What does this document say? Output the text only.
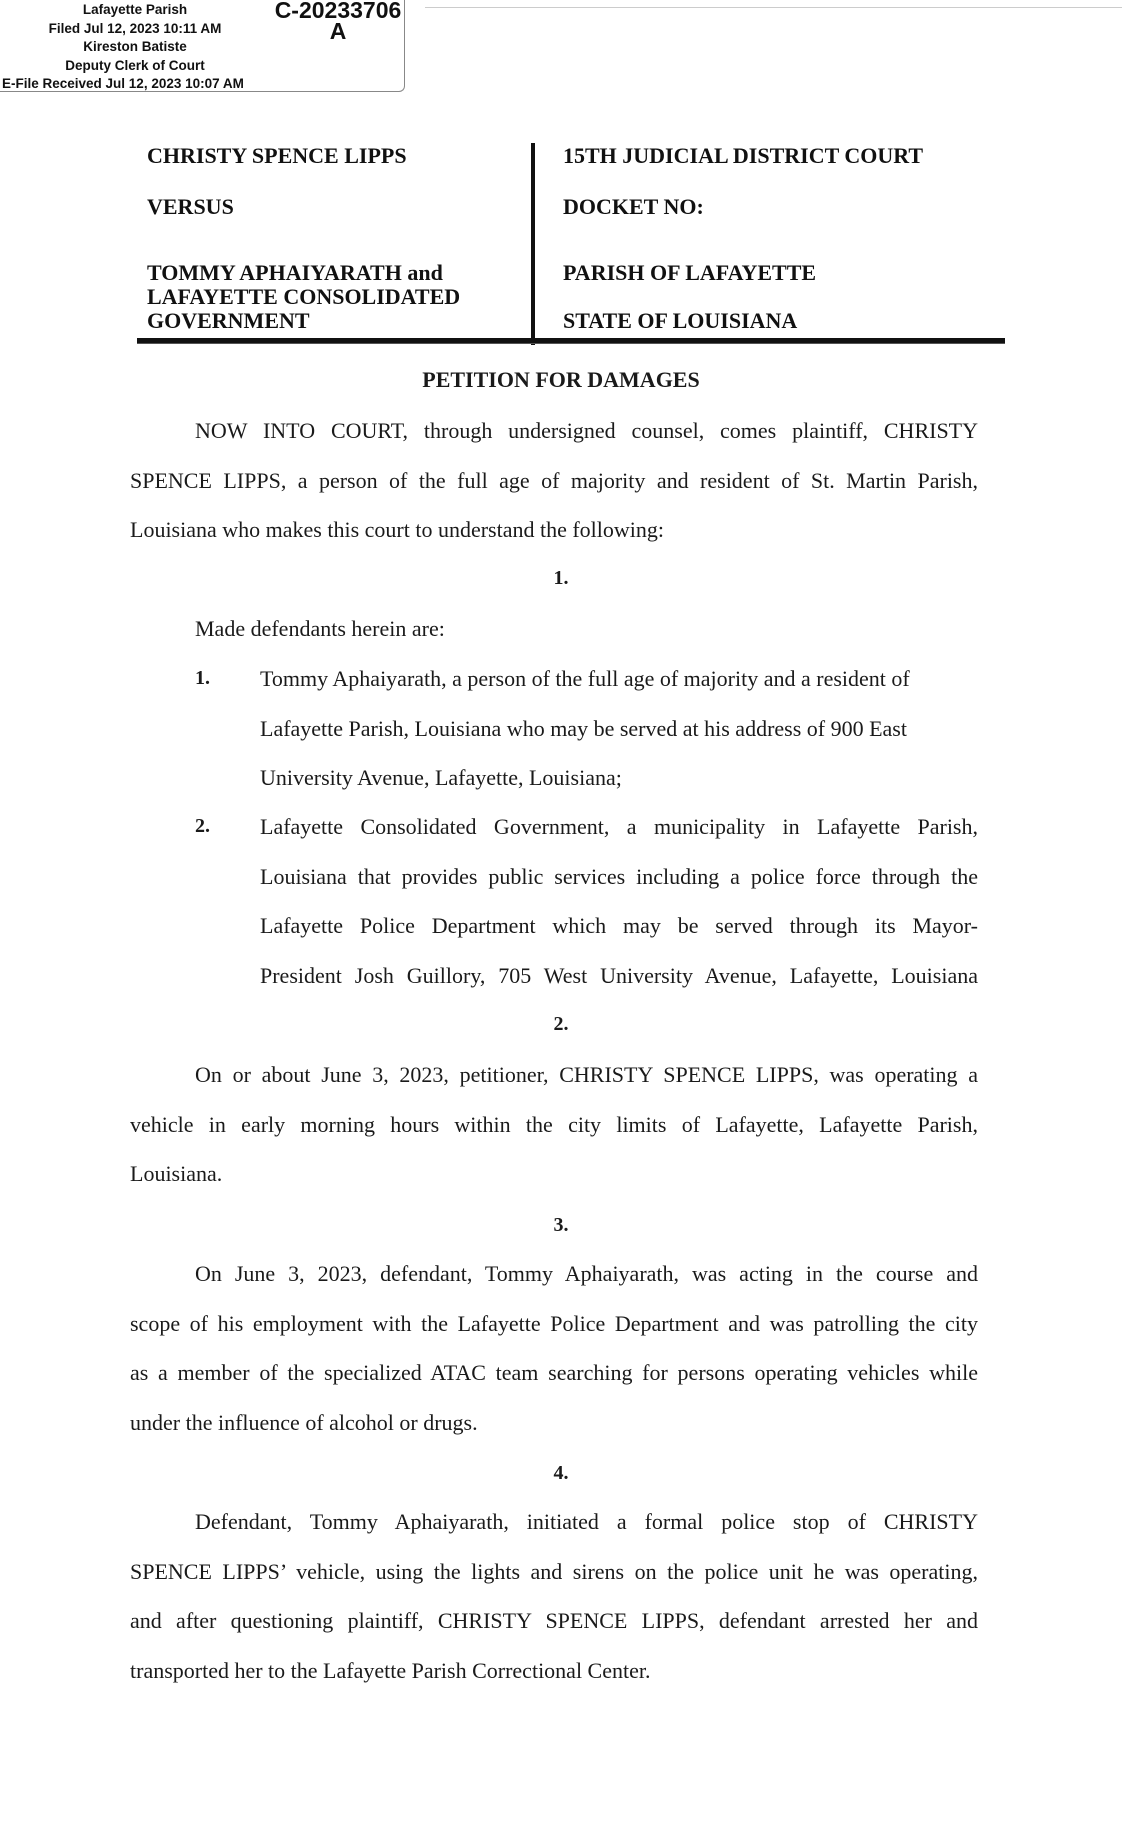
Lafayette Parish
Filed Jul 12, 2023 10:11 AM
Kireston Batiste
Deputy Clerk of Court
E-File Received Jul 12, 2023 10:07 AM
C-20233706
A
CHRISTY SPENCE LIPPS
VERSUS
TOMMY APHAIYARATH and
LAFAYETTE CONSOLIDATED
GOVERNMENT
15TH JUDICIAL DISTRICT COURT
DOCKET NO:
PARISH OF LAFAYETTE
STATE OF LOUISIANA
PETITION FOR DAMAGES
NOW INTO COURT, through undersigned counsel, comes plaintiff, CHRISTY
SPENCE LIPPS, a person of the full age of majority and resident of St. Martin Parish,
Louisiana who makes this court to understand the following:
1.
Made defendants herein are:
1. Tommy Aphaiyarath, a person of the full age of majority and a resident of
Lafayette Parish, Louisiana who may be served at his address of 900 East
University Avenue, Lafayette, Louisiana;
2. Lafayette Consolidated Government, a municipality in Lafayette Parish,
Louisiana that provides public services including a police force through the
Lafayette Police Department which may be served through its Mayor-
President Josh Guillory, 705 West University Avenue, Lafayette, Louisiana
2.
On or about June 3, 2023, petitioner, CHRISTY SPENCE LIPPS, was operating a
vehicle in early morning hours within the city limits of Lafayette, Lafayette Parish,
Louisiana.
3.
On June 3, 2023, defendant, Tommy Aphaiyarath, was acting in the course and
scope of his employment with the Lafayette Police Department and was patrolling the city
as a member of the specialized ATAC team searching for persons operating vehicles while
under the influence of alcohol or drugs.
4.
Defendant, Tommy Aphaiyarath, initiated a formal police stop of CHRISTY
SPENCE LIPPS’ vehicle, using the lights and sirens on the police unit he was operating,
and after questioning plaintiff, CHRISTY SPENCE LIPPS, defendant arrested her and
transported her to the Lafayette Parish Correctional Center.
